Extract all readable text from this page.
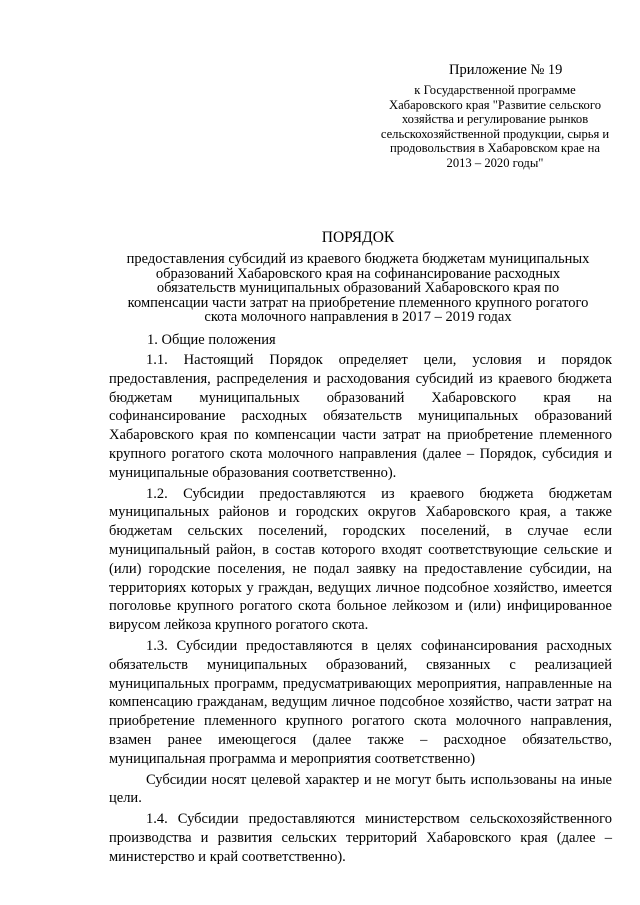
Приложение № 19
к Государственной программе
Хабаровского края "Развитие сельского
хозяйства и регулирование рынков
сельскохозяйственной продукции, сырья и
продовольствия в Хабаровском крае на
2013 – 2020 годы"
ПОРЯДОК
предоставления субсидий из краевого бюджета бюджетам муниципальных
образований Хабаровского края на софинансирование расходных
обязательств муниципальных образований Хабаровского края по
компенсации части затрат на приобретение племенного крупного рогатого
скота молочного направления в 2017 – 2019 годах
1. Общие положения

1.1. Настоящий Порядок определяет цели, условия и порядок предоставления, распределения и расходования субсидий из краевого бюджета бюджетам муниципальных образований Хабаровского края на софинансирование расходных обязательств муниципальных образований Хабаровского края по компенсации части затрат на приобретение племенного крупного рогатого скота молочного направления (далее – Порядок, субсидия и муниципальные образования соответственно).

1.2. Субсидии предоставляются из краевого бюджета бюджетам муниципальных районов и городских округов Хабаровского края, а также бюджетам сельских поселений, городских поселений, в случае если муниципальный район, в состав которого входят соответствующие сельские и (или) городские поселения, не подал заявку на предоставление субсидии, на территориях которых у граждан, ведущих личное подсобное хозяйство, имеется поголовье крупного рогатого скота больное лейкозом и (или) инфицированное вирусом лейкоза крупного рогатого скота.

1.3. Субсидии предоставляются в целях софинансирования расходных обязательств муниципальных образований, связанных с реализацией муниципальных программ, предусматривающих мероприятия, направленные на компенсацию гражданам, ведущим личное подсобное хозяйство, части затрат на приобретение племенного крупного рогатого скота молочного направления, взамен ранее имеющегося (далее также – расходное обязательство, муниципальная программа и мероприятия соответственно)

Субсидии носят целевой характер и не могут быть использованы на иные цели.

1.4. Субсидии предоставляются министерством сельскохозяйственного производства и развития сельских территорий Хабаровского края (далее – министерство и край соответственно).
